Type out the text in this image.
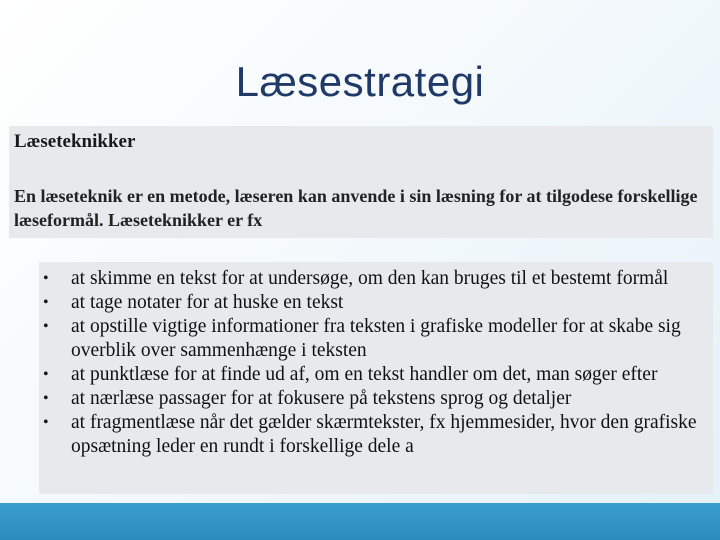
Læsestrategi
Læseteknikker
En læseteknik er en metode, læseren kan anvende i sin læsning for at tilgodese forskellige læseformål. Læseteknikker er fx
• at skimme en tekst for at undersøge, om den kan bruges til et bestemt formål
• at tage notater for at huske en tekst
• at opstille vigtige informationer fra teksten i grafiske modeller for at skabe sig overblik over sammenhænge i teksten
• at punktlæse for at finde ud af, om en tekst handler om det, man søger efter
• at nærlæse passager for at fokusere på tekstens sprog og detaljer
• at fragmentlæse når det gælder skærmtekster, fx hjemmesider, hvor den grafiske opsætning leder en rundt i forskellige dele a
